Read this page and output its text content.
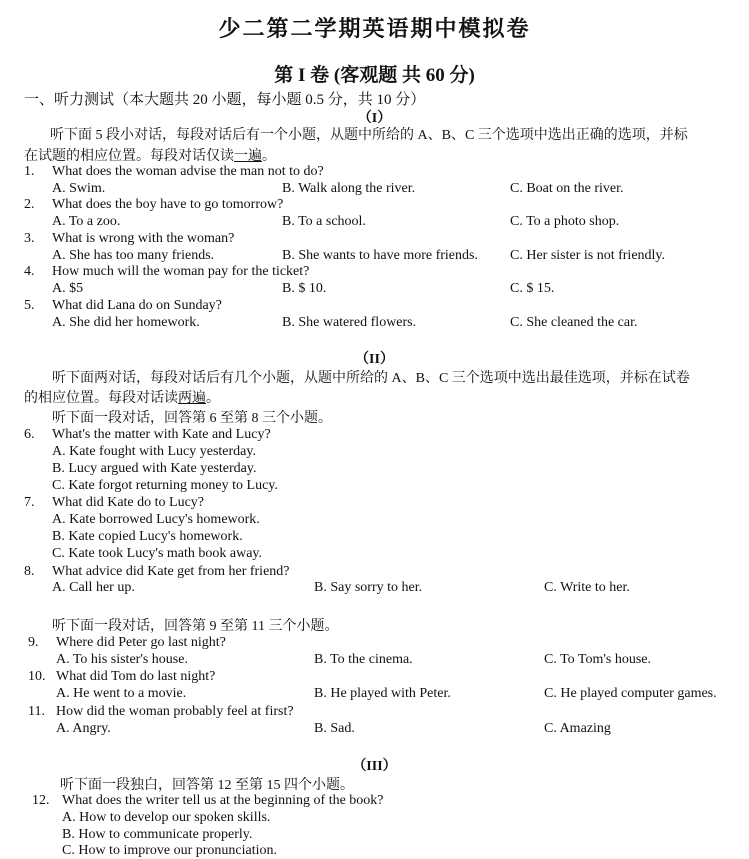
少二第二学期英语期中模拟卷
第 I 卷 (客观题 共 60 分)
一、听力测试（本大题共 20 小题，每小题 0.5 分，共 10 分）
（I）
听下面 5 段小对话，每段对话后有一个小题，从题中所给的 A、B、C 三个选项中选出正确的选项，并标
在试题的相应位置。每段对话仅读一遍。
1. What does the woman advise the man not to do?
A. Swim.	B. Walk along the river.	C. Boat on the river.
2. What does the boy have to go tomorrow?
A. To a zoo.	B. To a school.	C. To a photo shop.
3. What is wrong with the woman?
A. She has too many friends.	B. She wants to have more friends. C. Her sister is not friendly.
4. How much will the woman pay for the ticket?
A. $5	B. $ 10.	C. $ 15.
5. What did Lana do on Sunday?
A. She did her homework.	B. She watered flowers.	C. She cleaned the car.
（II）
听下面两对话，每段对话后有几个小题，从题中所给的 A、B、C 三个选项中选出最佳选项，并标在试卷
的相应位置。每段对话读两遍。
听下面一段对话，回答第 6 至第 8 三个小题。
6. What's the matter with Kate and Lucy?
A. Kate fought with Lucy yesterday.
B. Lucy argued with Kate yesterday.
C. Kate forgot returning money to Lucy.
7. What did Kate do to Lucy?
A. Kate borrowed Lucy's homework.
B. Kate copied Lucy's homework.
C. Kate took Lucy's math book away.
8. What advice did Kate get from her friend?
A. Call her up.	B. Say sorry to her.	C. Write to her.
听下面一段对话，回答第 9 至第 11 三个小题。
9. Where did Peter go last night?
A. To his sister's house.	B. To the cinema.	C. To Tom's house.
10. What did Tom do last night?
A. He went to a movie.	B. He played with Peter.	C. He played computer games.
11. How did the woman probably feel at first?
A. Angry.	B. Sad.	C. Amazing
（III）
听下面一段独白，回答第 12 至第 15 四个小题。
12. What does the writer tell us at the beginning of the book?
A. How to develop our spoken skills.
B. How to communicate properly.
C. How to improve our pronunciation.
